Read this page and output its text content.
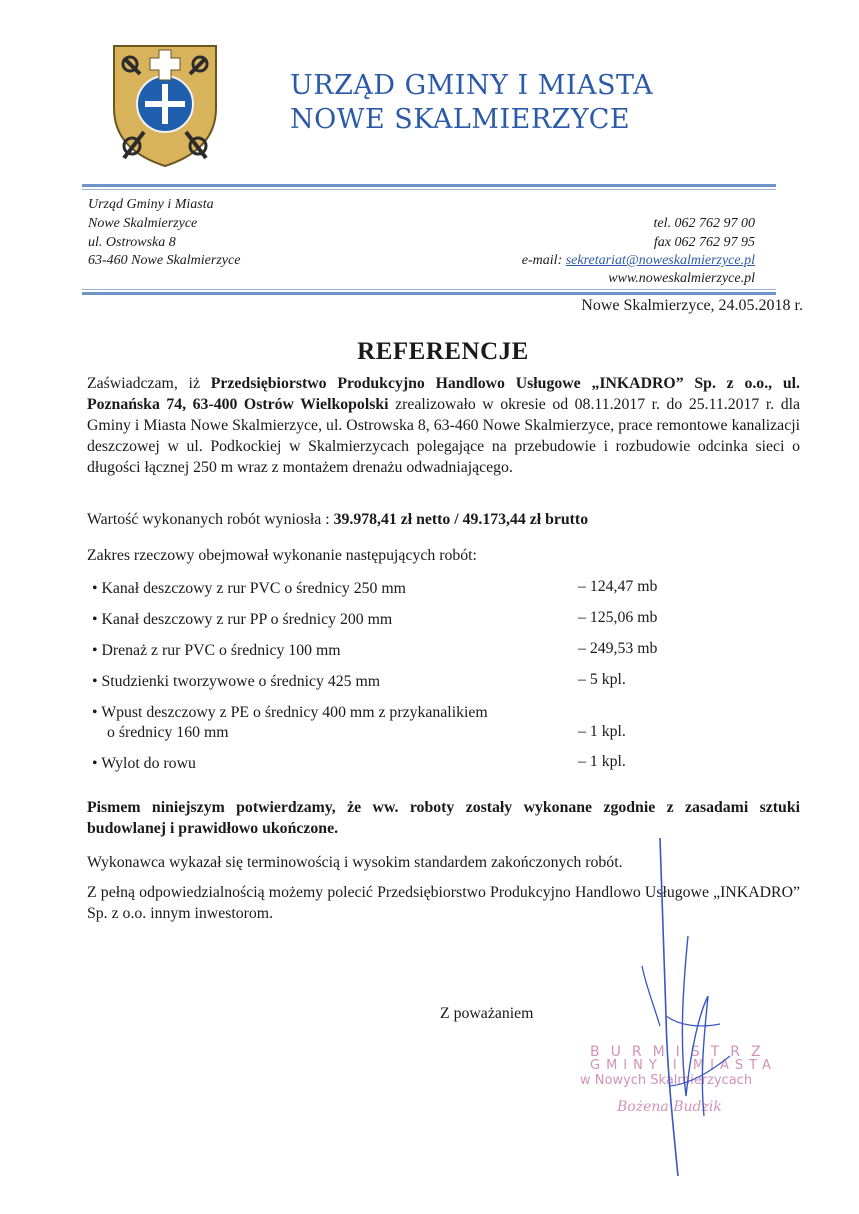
URZĄD GMINY I MIASTA
NOWE SKALMIERZYCE
Urząd Gminy i Miasta
Nowe Skalmierzyce
ul. Ostrowska 8
63-460 Nowe Skalmierzyce
tel. 062 762 97 00
fax 062 762 97 95
e-mail: sekretariat@noweskalmierzyce.pl
www.noweskalmierzyce.pl
Nowe Skalmierzyce, 24.05.2018 r.
REFERENCJE
Zaświadczam, iż Przedsiębiorstwo Produkcyjno Handlowo Usługowe „INKADRO” Sp. z o.o., ul. Poznańska 74, 63-400 Ostrów Wielkopolski zrealizowało w okresie od 08.11.2017 r. do 25.11.2017 r. dla Gminy i Miasta Nowe Skalmierzyce, ul. Ostrowska 8, 63-460 Nowe Skalmierzyce, prace remontowe kanalizacji deszczowej w ul. Podkockiej w Skalmierzycach polegające na przebudowie i rozbudowie odcinka sieci o długości łącznej 250 m wraz z montażem drenażu odwadniającego.
Wartość wykonanych robót wyniosła : 39.978,41 zł netto / 49.173,44 zł brutto
Zakres rzeczowy obejmował wykonanie następujących robót:
• Kanał deszczowy z rur PVC o średnicy 250 mm	– 124,47 mb
• Kanał deszczowy z rur PP o średnicy 200 mm	– 125,06 mb
• Drenaż z rur PVC o średnicy 100 mm	– 249,53 mb
• Studzienki tworzywowe o średnicy 425 mm	– 5 kpl.
• Wpust deszczowy z PE o średnicy 400 mm z przykanalikiem
o średnicy 160 mm	– 1 kpl.
• Wylot do rowu	– 1 kpl.
Pismem niniejszym potwierdzamy, że ww. roboty zostały wykonane zgodnie z zasadami sztuki budowlanej i prawidłowo ukończone.
Wykonawca wykazał się terminowością i wysokim standardem zakończonych robót.
Z pełną odpowiedzialnością możemy polecić Przedsiębiorstwo Produkcyjno Handlowo Usługowe „INKADRO” Sp. z o.o. innym inwestorom.
Z poważaniem
BURMISTRZ
GMINY I MIASTA
w Nowych Skalmierzycach
Bożena Budzik
